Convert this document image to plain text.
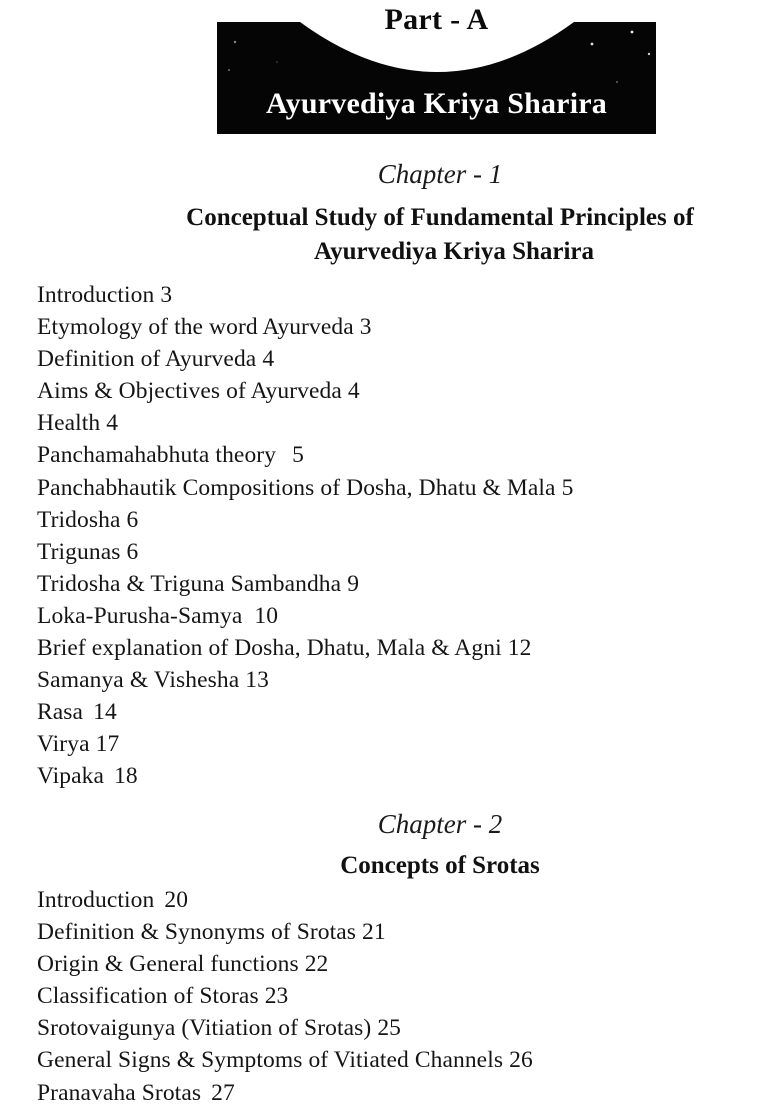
Part - A
Ayurvediya Kriya Sharira
Chapter - 1
Conceptual Study of Fundamental Principles of
Ayurvediya Kriya Sharira
Introduction 3
Etymology of the word Ayurveda 3
Definition of Ayurveda 4
Aims & Objectives of Ayurveda 4
Health 4
Panchamahabhuta theory 5
Panchabhautik Compositions of Dosha, Dhatu & Mala 5
Tridosha 6
Trigunas 6
Tridosha & Triguna Sambandha 9
Loka-Purusha-Samya 10
Brief explanation of Dosha, Dhatu, Mala & Agni 12
Samanya & Vishesha 13
Rasa 14
Virya 17
Vipaka 18
Chapter - 2
Concepts of Srotas
Introduction 20
Definition & Synonyms of Srotas 21
Origin & General functions 22
Classification of Storas 23
Srotovaigunya (Vitiation of Srotas) 25
General Signs & Symptoms of Vitiated Channels 26
Pranavaha Srotas 27
